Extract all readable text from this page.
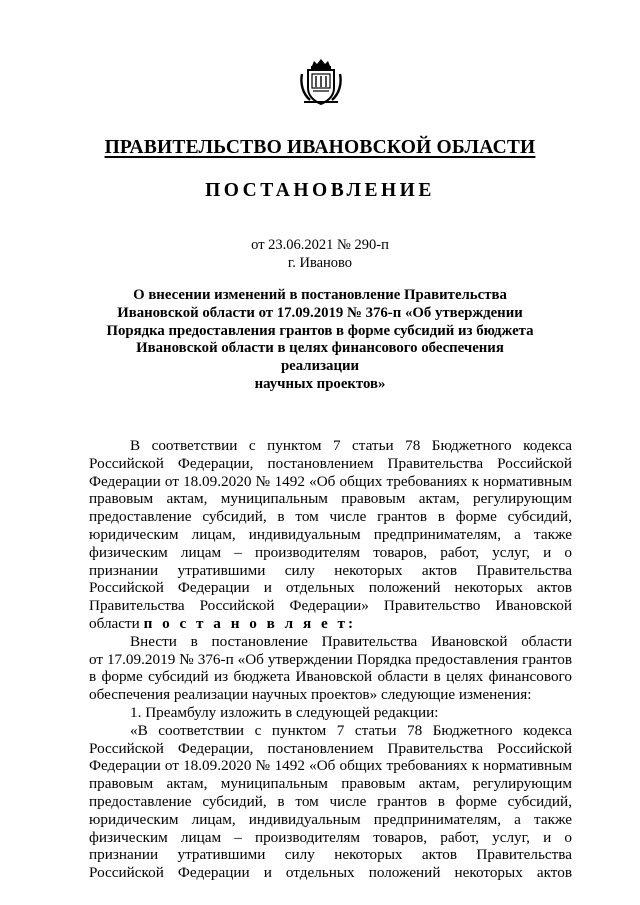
ПРАВИТЕЛЬСТВО ИВАНОВСКОЙ ОБЛАСТИ
ПОСТАНОВЛЕНИЕ
от 23.06.2021 № 290-п
г. Иваново
О внесении изменений в постановление Правительства
Ивановской области от 17.09.2019 № 376-п «Об утверждении
Порядка предоставления грантов в форме субсидий из бюджета
Ивановской области в целях финансового обеспечения реализации
научных проектов»

В соответствии с пунктом 7 статьи 78 Бюджетного кодекса
Российской Федерации, постановлением Правительства Российской
Федерации от 18.09.2020 № 1492 «Об общих требованиях к нормативным
правовым актам, муниципальным правовым актам, регулирующим
предоставление субсидий, в том числе грантов в форме субсидий,
юридическим лицам, индивидуальным предпринимателям, а также
физическим лицам – производителям товаров, работ, услуг, и о
признании утратившими силу некоторых актов Правительства
Российской Федерации и отдельных положений некоторых актов
Правительства Российской Федерации» Правительство Ивановской
области п о с т а н о в л я е т:

Внести в постановление Правительства Ивановской области
от 17.09.2019 № 376-п «Об утверждении Порядка предоставления грантов
в форме субсидий из бюджета Ивановской области в целях финансового
обеспечения реализации научных проектов» следующие изменения:

1. Преамбулу изложить в следующей редакции:

«В соответствии с пунктом 7 статьи 78 Бюджетного кодекса
Российской Федерации, постановлением Правительства Российской
Федерации от 18.09.2020 № 1492 «Об общих требованиях к нормативным
правовым актам, муниципальным правовым актам, регулирующим
предоставление субсидий, в том числе грантов в форме субсидий,
юридическим лицам, индивидуальным предпринимателям, а также
физическим лицам – производителям товаров, работ, услуг, и о
признании утратившими силу некоторых актов Правительства
Российской Федерации и отдельных положений некоторых актов
